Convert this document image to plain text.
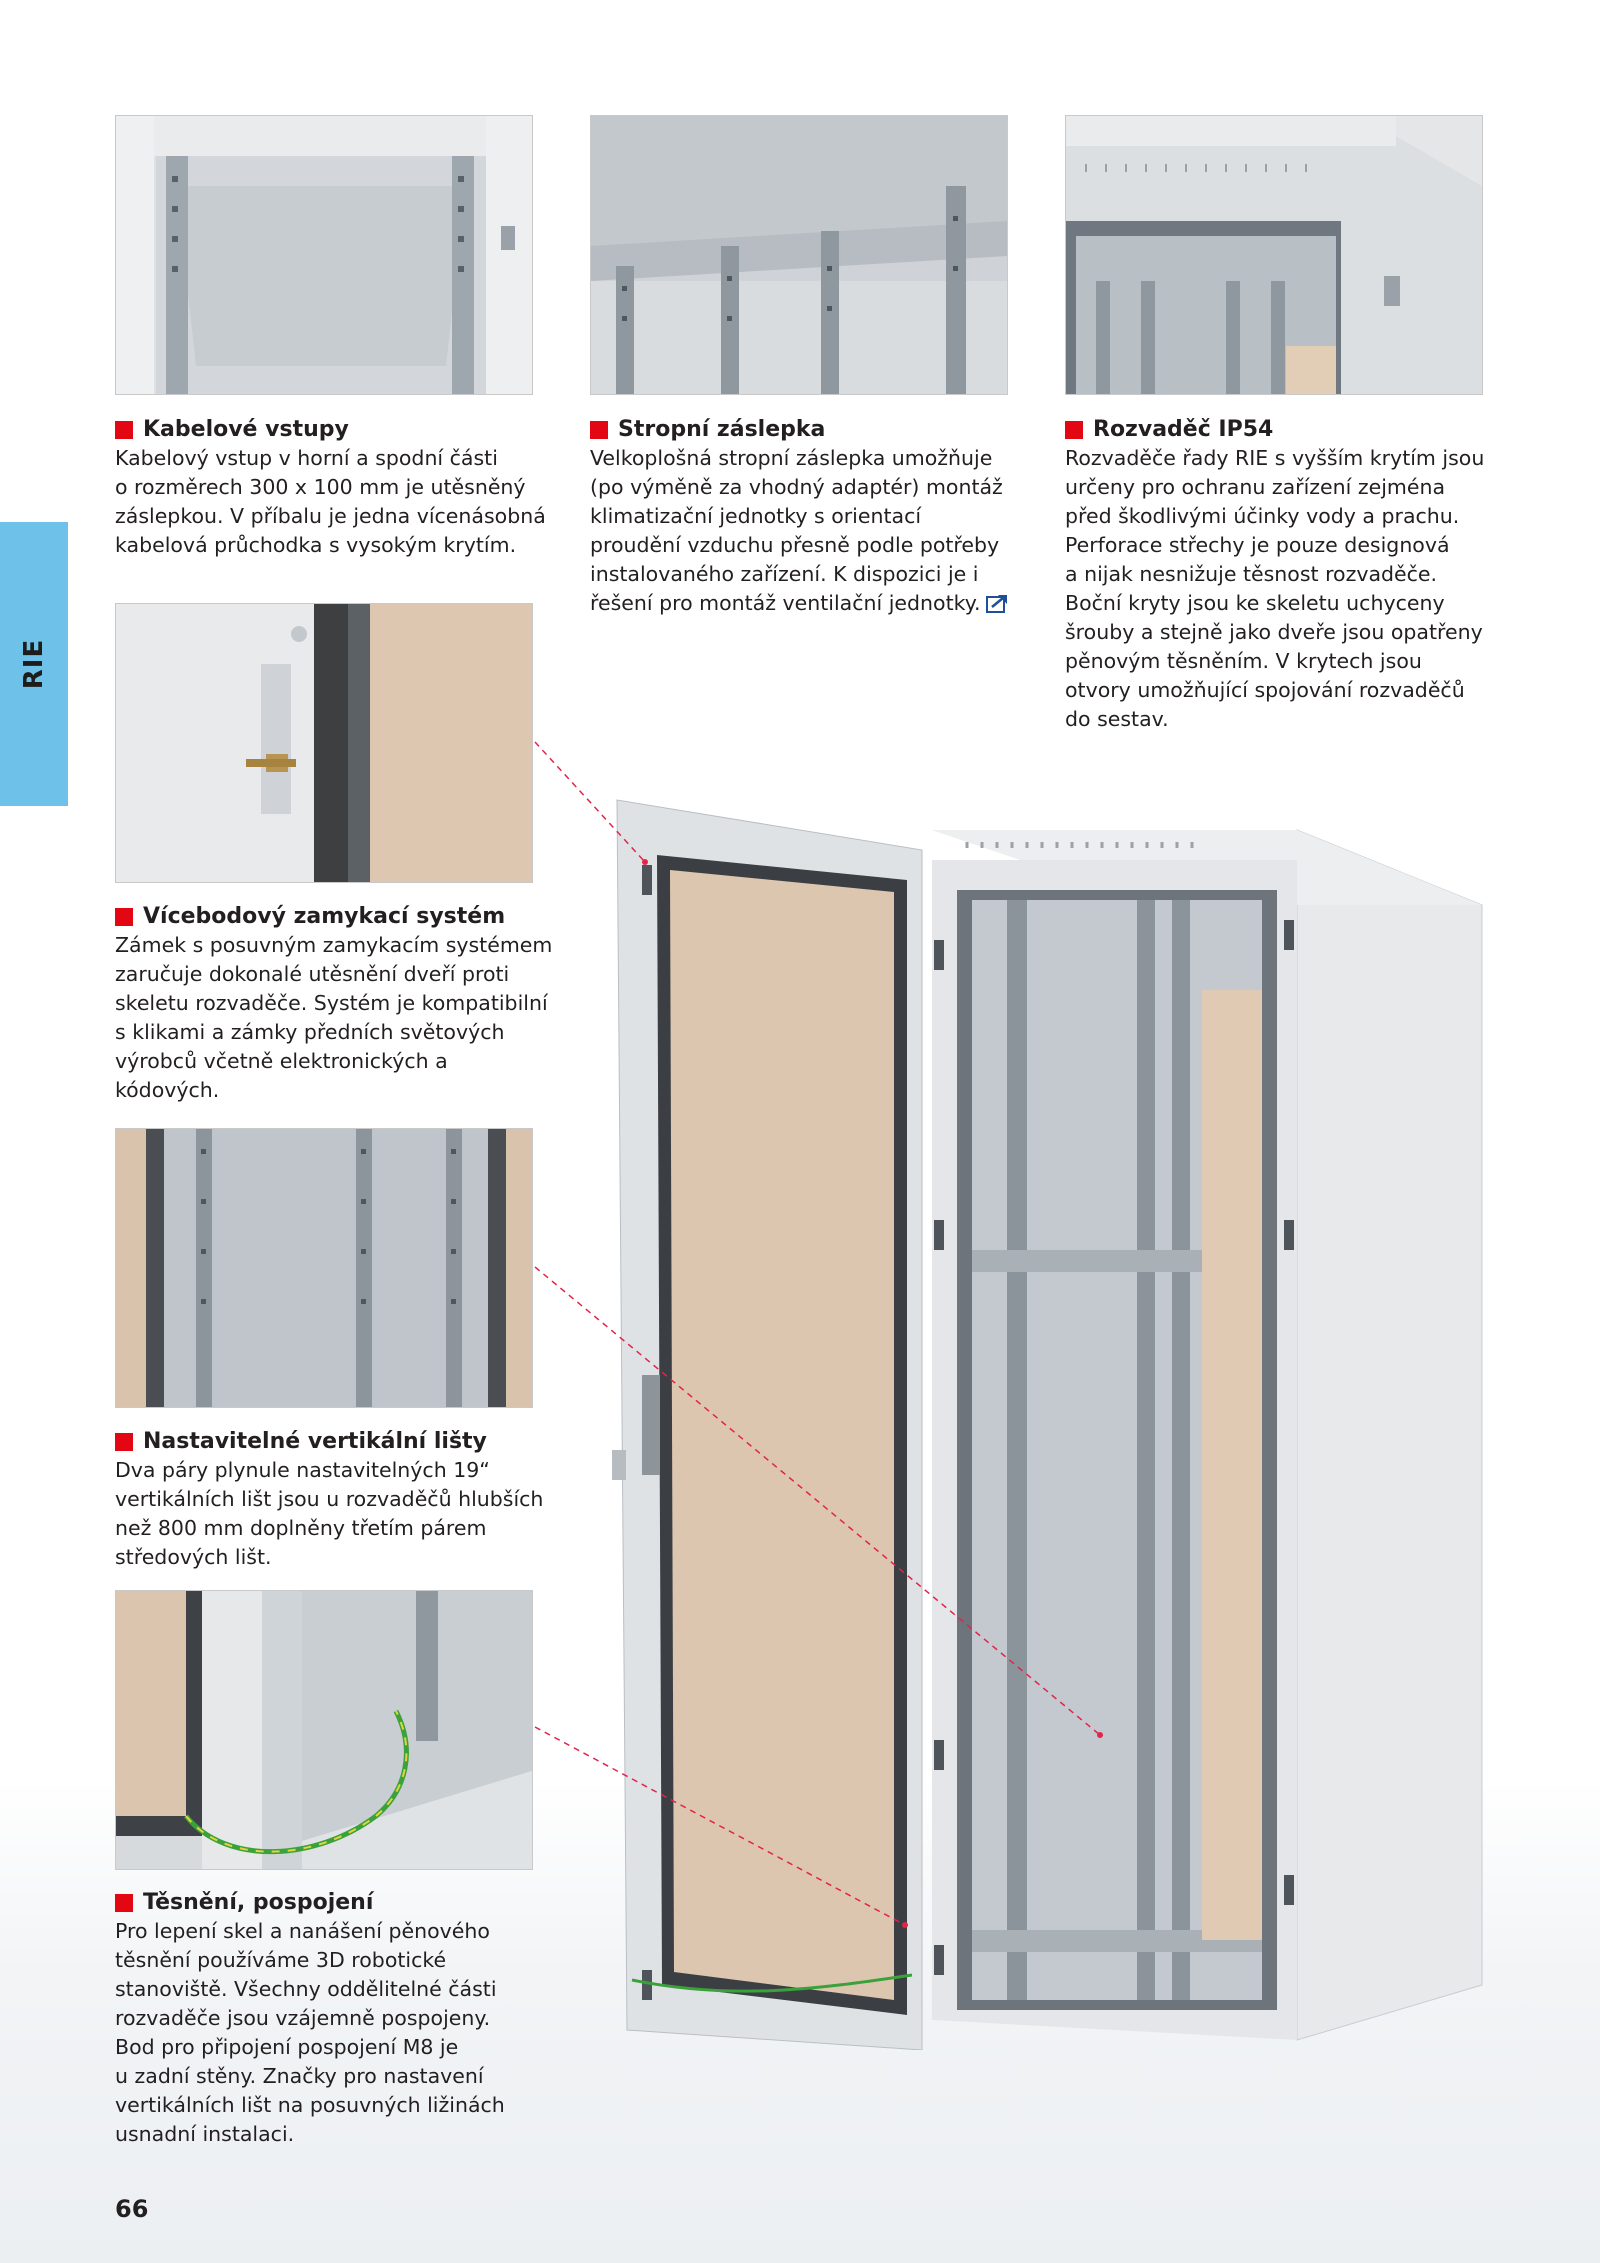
RIE
Kabelové vstupy

Kabelový vstup v horní a spodní části

o rozměrech 300 x 100 mm je utěsněný

záslepkou. V příbalu je jedna vícenásobná

kabelová průchodka s vysokým krytím.

Stropní záslepka

Velkoplošná stropní záslepka umožňuje

(po výměně za vhodný adaptér) montáž

klimatizační jednotky s orientací

proudění vzduchu přesně podle potřeby

instalovaného zařízení. K dispozici je i

řešení pro montáž ventilační jednotky.

Rozvaděč IP54

Rozvaděče řady RIE s vyšším krytím jsou

určeny pro ochranu zařízení zejména

před škodlivými účinky vody a prachu.

Perforace střechy je pouze designová

a nijak nesnižuje těsnost rozvaděče.

Boční kryty jsou ke skeletu uchyceny

šrouby a stejně jako dveře jsou opatřeny

pěnovým těsněním. V krytech jsou

otvory umožňující spojování rozvaděčů

do sestav.

Vícebodový zamykací systém

Zámek s posuvným zamykacím systémem

zaručuje dokonalé utěsnění dveří proti

skeletu rozvaděče. Systém je kompatibilní

s klikami a zámky předních světových

výrobců včetně elektronických a kódových.

Nastavitelné vertikální lišty

Dva páry plynule nastavitelných 19“

vertikálních lišt jsou u rozvaděčů hlubších

než 800 mm doplněny třetím párem

středových lišt.

Těsnění, pospojení

Pro lepení skel a nanášení pěnového

těsnění používáme 3D robotické

stanoviště. Všechny oddělitelné části

rozvaděče jsou vzájemně pospojeny.

Bod pro připojení pospojení M8 je

u zadní stěny. Značky pro nastavení

vertikálních lišt na posuvných ližinách

usnadní instalaci.

66
